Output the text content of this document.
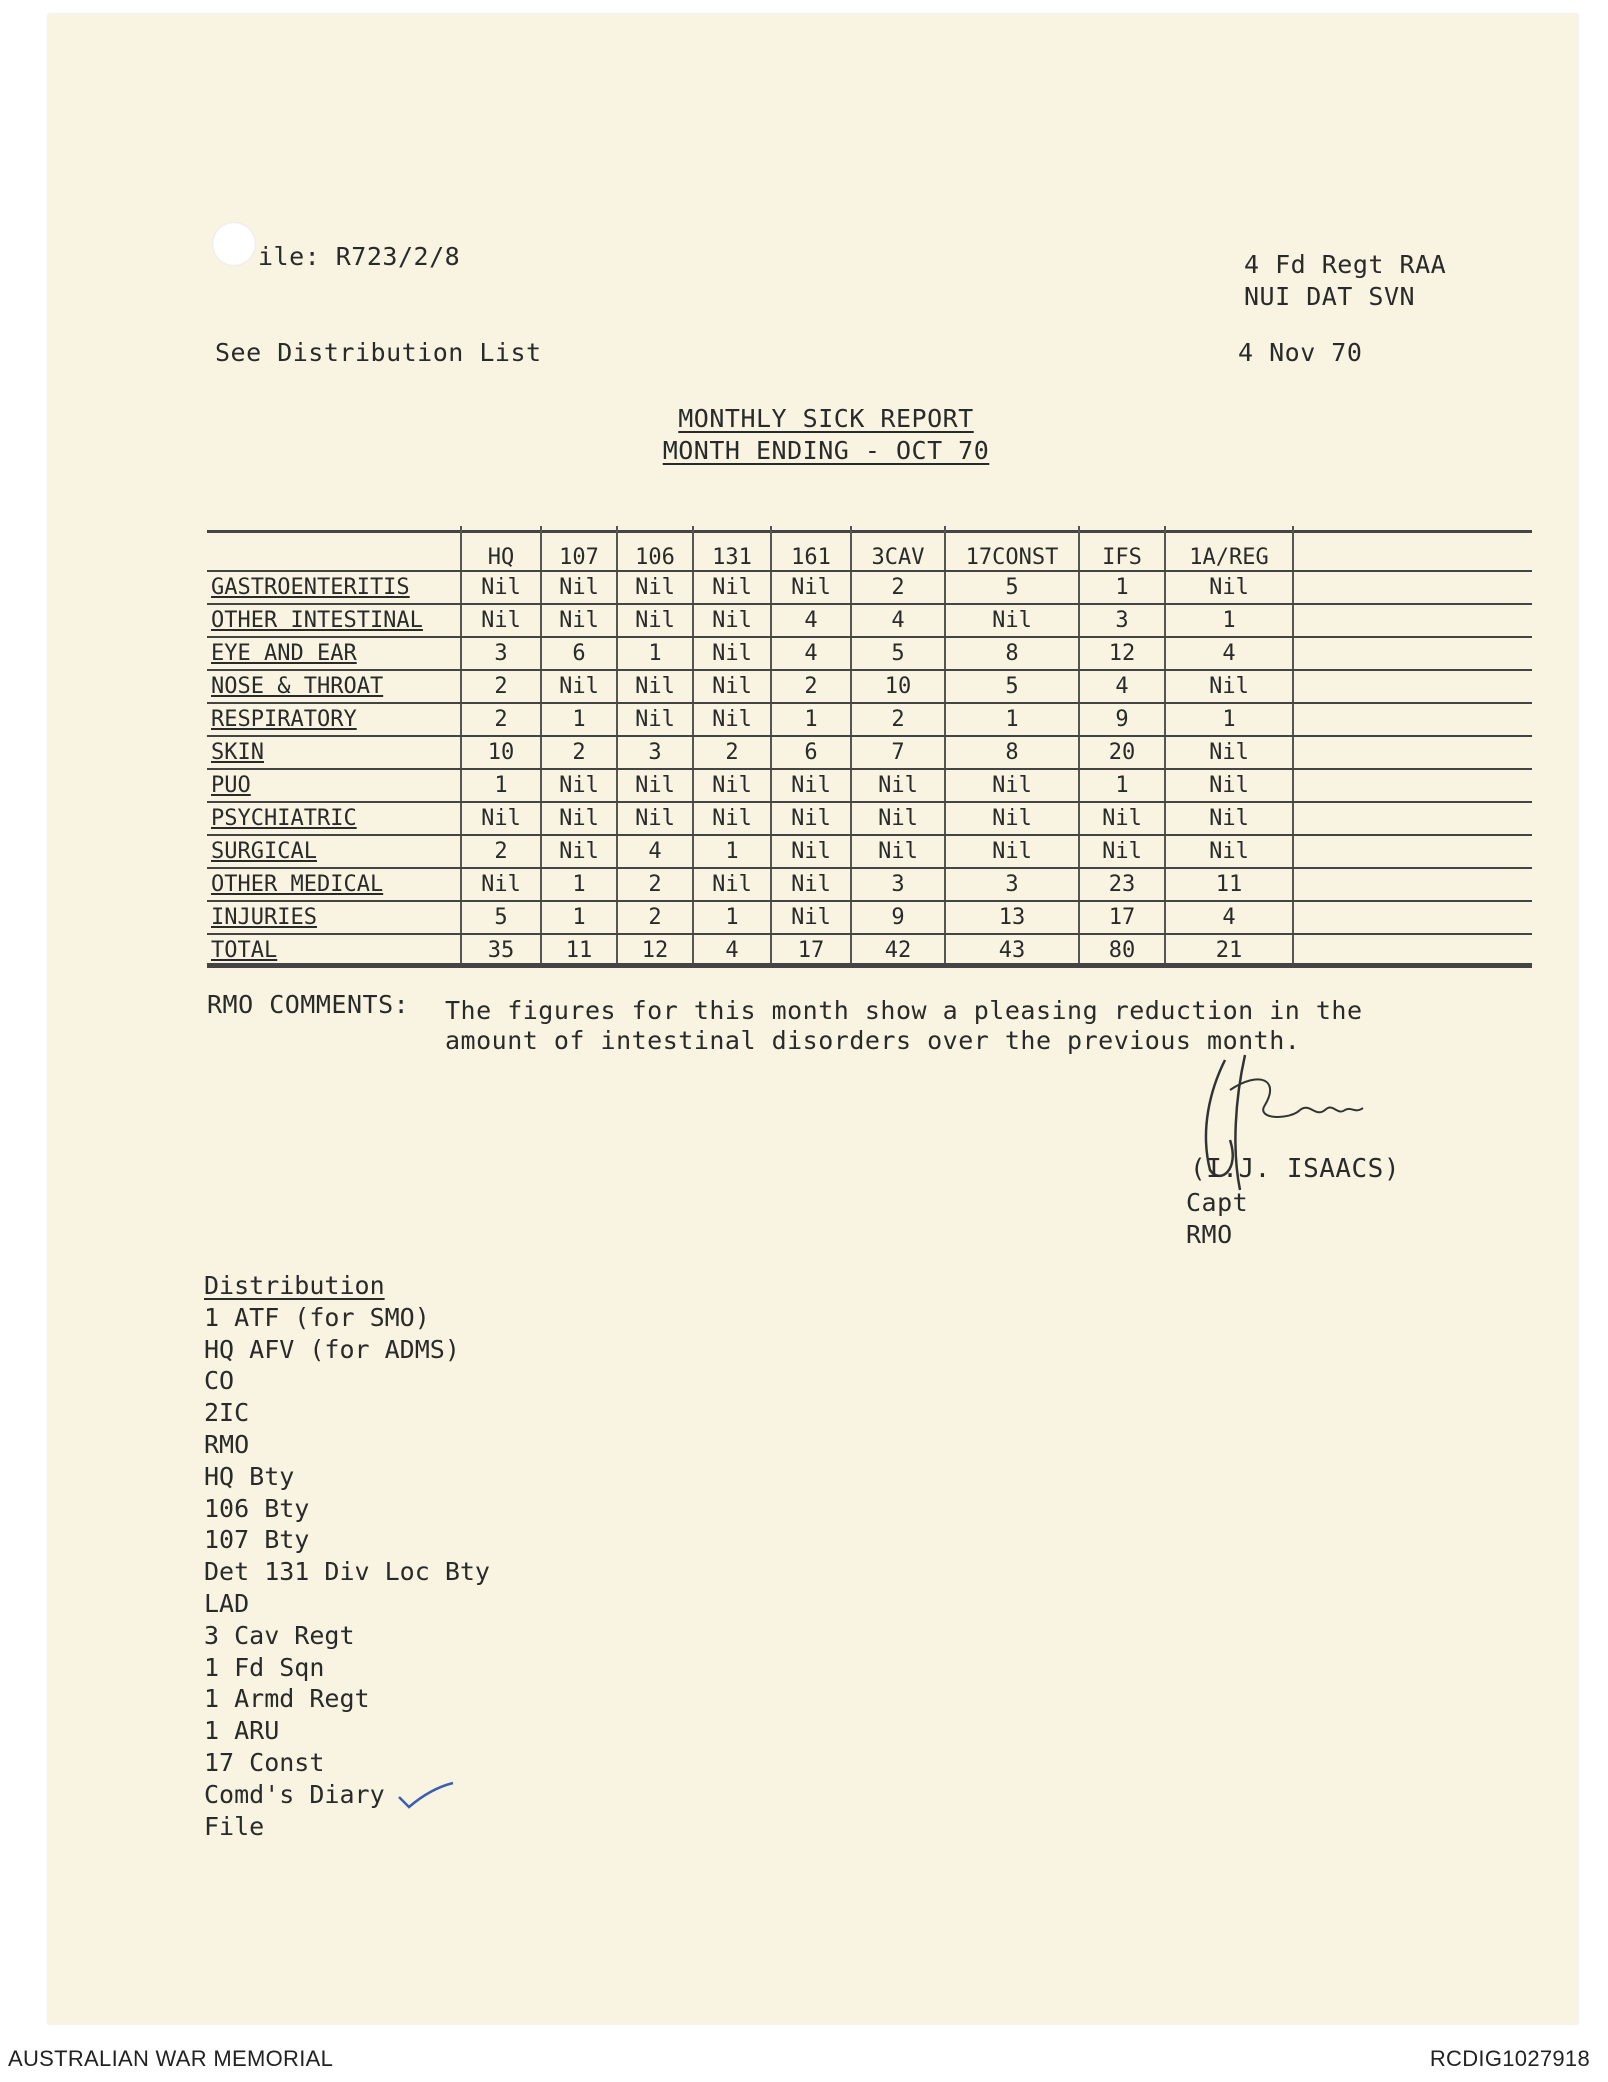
ile: R723/2/8	4 Fd Regt RAA
NUI DAT SVN
See Distribution List	4 Nov 70
MONTHLY SICK REPORT
MONTH ENDING - OCT 70
	HQ	107	106	131	161	3CAV	17CONST	IFS	1A/REG	
GASTROENTERITIS	Nil	Nil	Nil	Nil	Nil	2	5	1	Nil	
OTHER INTESTINAL	Nil	Nil	Nil	Nil	4	4	Nil	3	1	
EYE AND EAR	3	6	1	Nil	4	5	8	12	4	
NOSE & THROAT	2	Nil	Nil	Nil	2	10	5	4	Nil	
RESPIRATORY	2	1	Nil	Nil	1	2	1	9	1	
SKIN	10	2	3	2	6	7	8	20	Nil	
PUO	1	Nil	Nil	Nil	Nil	Nil	Nil	1	Nil	
PSYCHIATRIC	Nil	Nil	Nil	Nil	Nil	Nil	Nil	Nil	Nil	
SURGICAL	2	Nil	4	1	Nil	Nil	Nil	Nil	Nil	
OTHER MEDICAL	Nil	1	2	Nil	Nil	3	3	23	11	
INJURIES	5	1	2	1	Nil	9	13	17	4	
TOTAL	35	11	12	4	17	42	43	80	21	
RMO COMMENTS: The figures for this month show a pleasing reduction in the
amount of intestinal disorders over the previous month.
(I.J. ISAACS)
Capt
RMO
Distribution
1 ATF (for SMO)
HQ AFV (for ADMS)
CO
2IC
RMO
HQ Bty
106 Bty
107 Bty
Det 131 Div Loc Bty
LAD
3 Cav Regt
1 Fd Sqn
1 Armd Regt
1 ARU
17 Const
Comd's Diary
File
AUSTRALIAN WAR MEMORIAL	RCDIG1027918
